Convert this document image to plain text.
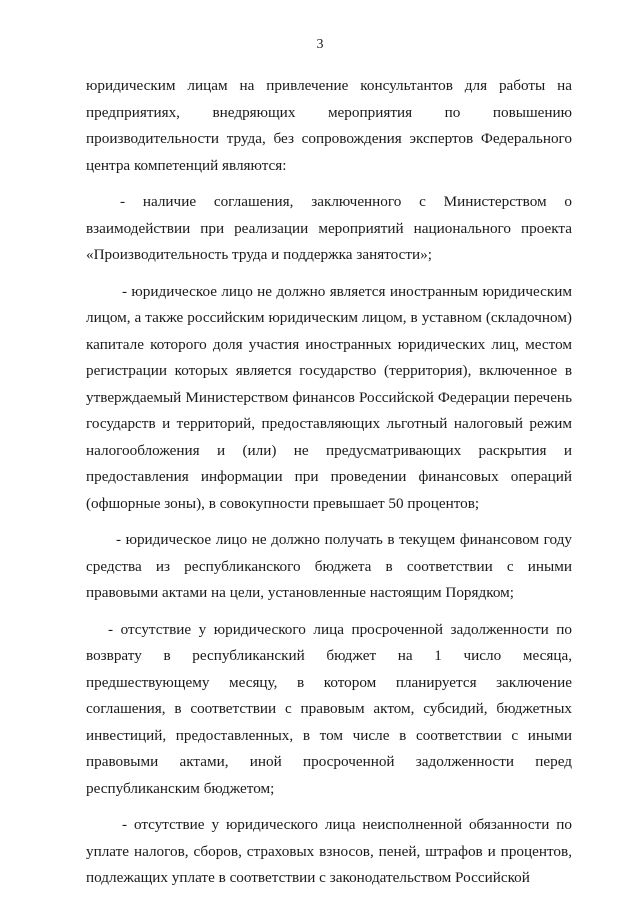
3

юридическим лицам на привлечение консультантов для работы на предприятиях, внедряющих мероприятия по повышению производительности труда, без сопровождения экспертов Федерального центра компетенций являются:

- наличие соглашения, заключенного с Министерством о взаимодействии при реализации мероприятий национального проекта «Производительность труда и поддержка занятости»;

- юридическое лицо не должно является иностранным юридическим лицом, а также российским юридическим лицом, в уставном (складочном) капитале которого доля участия иностранных юридических лиц, местом регистрации которых является государство (территория), включенное в утверждаемый Министерством финансов Российской Федерации перечень государств и территорий, предоставляющих льготный налоговый режим налогообложения и (или) не предусматривающих раскрытия и предоставления информации при проведении финансовых операций (офшорные зоны), в совокупности превышает 50 процентов;

- юридическое лицо не должно получать в текущем финансовом году средства из республиканского бюджета в соответствии с иными правовыми актами на цели, установленные настоящим Порядком;

- отсутствие у юридического лица просроченной задолженности по возврату в республиканский бюджет на 1 число месяца, предшествующему месяцу, в котором планируется заключение соглашения, в соответствии с правовым актом, субсидий, бюджетных инвестиций, предоставленных, в том числе в соответствии с иными правовыми актами, иной просроченной задолженности перед республиканским бюджетом;

- отсутствие у юридического лица неисполненной обязанности по уплате налогов, сборов, страховых взносов, пеней, штрафов и процентов, подлежащих уплате в соответствии с законодательством Российской
